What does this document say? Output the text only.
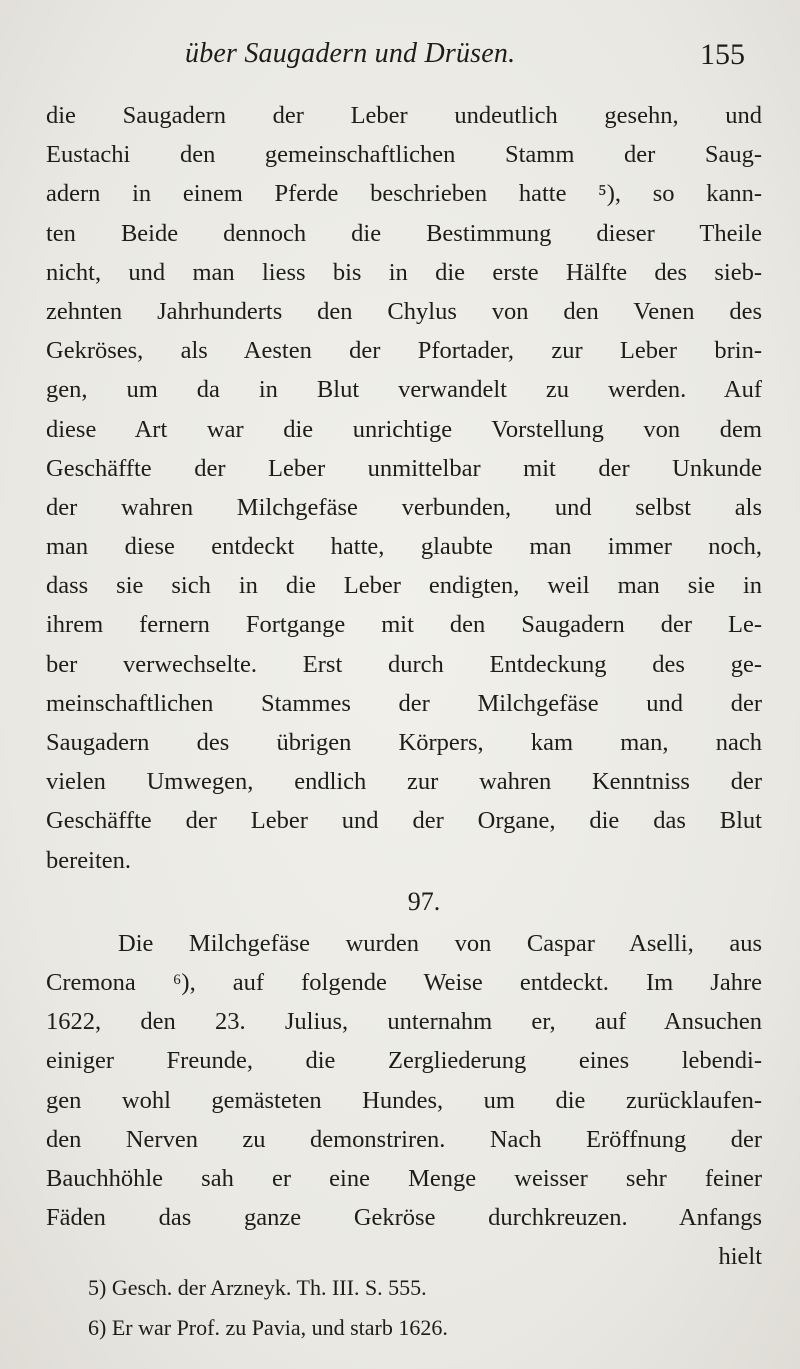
über Saugadern und Drüsen.	155
die Saugadern der Leber undeutlich gesehn, und
Eustachi den gemeinschaftlichen Stamm der Saug-
adern in einem Pferde beschrieben hatte ⁵), so kann-
ten Beide dennoch die Bestimmung dieser Theile
nicht, und man liess bis in die erste Hälfte des sieb-
zehnten Jahrhunderts den Chylus von den Venen des
Gekröses, als Aesten der Pfortader, zur Leber brin-
gen, um da in Blut verwandelt zu werden. Auf
diese Art war die unrichtige Vorstellung von dem
Geschäffte der Leber unmittelbar mit der Unkunde
der wahren Milchgefäse verbunden, und selbst als
man diese entdeckt hatte, glaubte man immer noch,
dass sie sich in die Leber endigten, weil man sie in
ihrem fernern Fortgange mit den Saugadern der Le-
ber verwechselte. Erst durch Entdeckung des ge-
meinschaftlichen Stammes der Milchgefäse und der
Saugadern des übrigen Körpers, kam man, nach
vielen Umwegen, endlich zur wahren Kenntniss der
Geschäffte der Leber und der Organe, die das Blut
bereiten.
97.
Die Milchgefäse wurden von Caspar Aselli, aus
Cremona ⁶), auf folgende Weise entdeckt. Im Jahre
1622, den 23. Julius, unternahm er, auf Ansuchen
einiger Freunde, die Zergliederung eines lebendi-
gen wohl gemästeten Hundes, um die zurücklaufen-
den Nerven zu demonstriren. Nach Eröffnung der
Bauchhöhle sah er eine Menge weisser sehr feiner
Fäden das ganze Gekröse durchkreuzen. Anfangs
hielt
5) Gesch. der Arzneyk. Th. III. S. 555.
6) Er war Prof. zu Pavia, und starb 1626.
